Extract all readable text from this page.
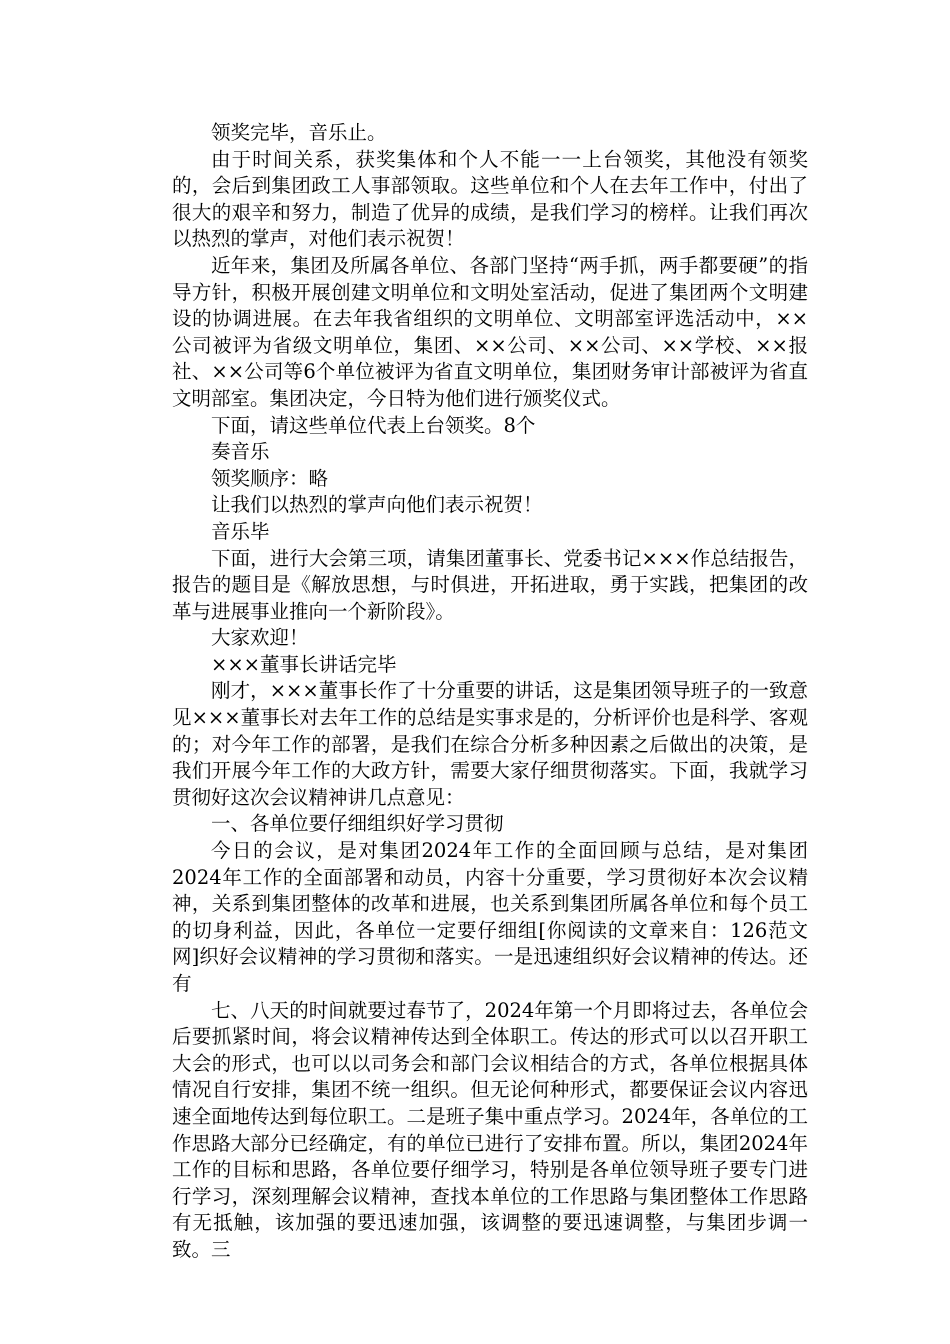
领奖完毕，音乐止。

由于时间关系，获奖集体和个人不能一一上台领奖，其他没有领奖的，会后到集团政工人事部领取。这些单位和个人在去年工作中，付出了很大的艰辛和努力，制造了优异的成绩，是我们学习的榜样。让我们再次以热烈的掌声，对他们表示祝贺！

近年来，集团及所属各单位、各部门坚持“两手抓，两手都要硬”的指导方针，积极开展创建文明单位和文明处室活动，促进了集团两个文明建设的协调进展。在去年我省组织的文明单位、文明部室评选活动中，××公司被评为省级文明单位，集团、××公司、××公司、××学校、××报社、××公司等6个单位被评为省直文明单位，集团财务审计部被评为省直文明部室。集团决定，今日特为他们进行颁奖仪式。

下面，请这些单位代表上台领奖。8个

奏音乐

领奖顺序：略

让我们以热烈的掌声向他们表示祝贺！

音乐毕

下面，进行大会第三项，请集团董事长、党委书记×××作总结报告，报告的题目是《解放思想，与时俱进，开拓进取，勇于实践，把集团的改革与进展事业推向一个新阶段》。

大家欢迎！

×××董事长讲话完毕

刚才，×××董事长作了十分重要的讲话，这是集团领导班子的一致意见×××董事长对去年工作的总结是实事求是的，分析评价也是科学、客观的；对今年工作的部署，是我们在综合分析多种因素之后做出的决策，是我们开展今年工作的大政方针，需要大家仔细贯彻落实。下面，我就学习贯彻好这次会议精神讲几点意见：

一、各单位要仔细组织好学习贯彻

今日的会议，是对集团2024年工作的全面回顾与总结，是对集团2024年工作的全面部署和动员，内容十分重要，学习贯彻好本次会议精神，关系到集团整体的改革和进展，也关系到集团所属各单位和每个员工的切身利益，因此，各单位一定要仔细组[你阅读的文章来自：126范文网]织好会议精神的学习贯彻和落实。一是迅速组织好会议精神的传达。还有

七、八天的时间就要过春节了，2024年第一个月即将过去，各单位会后要抓紧时间，将会议精神传达到全体职工。传达的形式可以以召开职工大会的形式，也可以以司务会和部门会议相结合的方式，各单位根据具体情况自行安排，集团不统一组织。但无论何种形式，都要保证会议内容迅速全面地传达到每位职工。二是班子集中重点学习。2024年，各单位的工作思路大部分已经确定，有的单位已进行了安排布置。所以，集团2024年工作的目标和思路，各单位要仔细学习，特别是各单位领导班子要专门进行学习，深刻理解会议精神，查找本单位的工作思路与集团整体工作思路有无抵触，该加强的要迅速加强，该调整的要迅速调整，与集团步调一致。三
